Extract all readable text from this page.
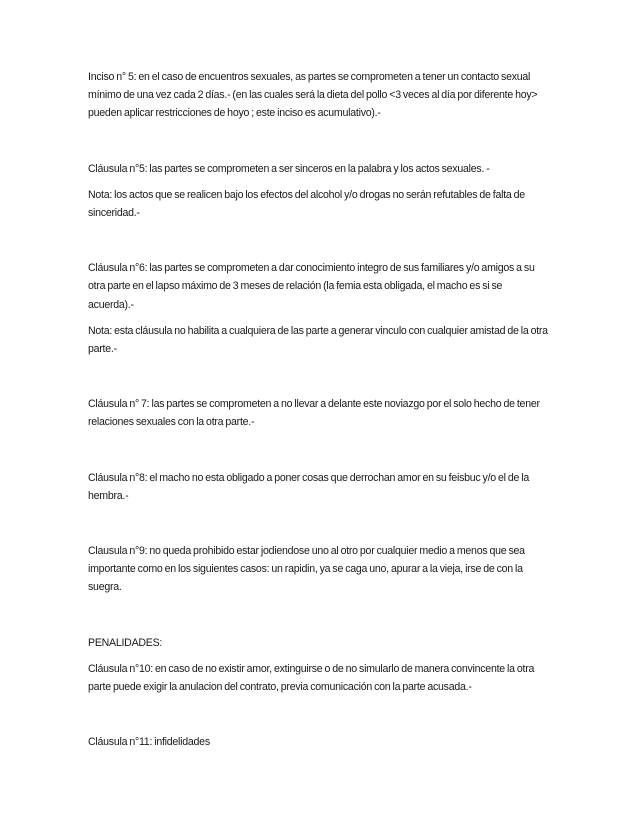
Inciso n° 5: en el caso de encuentros sexuales, as partes se comprometen a tener un contacto sexual mínimo de una vez cada 2 días.- (en las cuales será la dieta del pollo <3 veces al día por diferente hoy> pueden aplicar restricciones de hoyo ; este inciso es acumulativo).-

Cláusula n°5: las partes se comprometen a ser sinceros en la palabra y los actos sexuales. -

Nota: los actos que se realicen bajo los efectos del alcohol y/o drogas no serán refutables de falta de sinceridad.-

Cláusula n°6: las partes se comprometen a dar conocimiento integro de sus familiares y/o amigos a su otra parte en el lapso máximo de 3 meses de relación (la femia esta obligada, el macho es si se acuerda).-

Nota: esta cláusula no habilita a cualquiera de las parte a generar vinculo con cualquier amistad de la otra parte.-

Cláusula n° 7: las partes se comprometen a no llevar a delante este noviazgo por el solo hecho de tener relaciones sexuales con la otra parte.-

Cláusula n°8: el macho no esta obligado a poner cosas que derrochan amor en su feisbuc y/o el de la hembra.-

Clausula n°9: no queda prohibido estar jodiendose uno al otro por cualquier medio a menos que sea importante como en los siguientes casos: un rapidin, ya se caga uno, apurar a la vieja, irse de con la suegra.

PENALIDADES:

Cláusula n°10: en caso de no existir amor, extinguirse o de no simularlo de manera convincente la otra parte puede exigir la anulacion del contrato, previa comunicación con la parte acusada.-

Cláusula n°11: infidelidades
